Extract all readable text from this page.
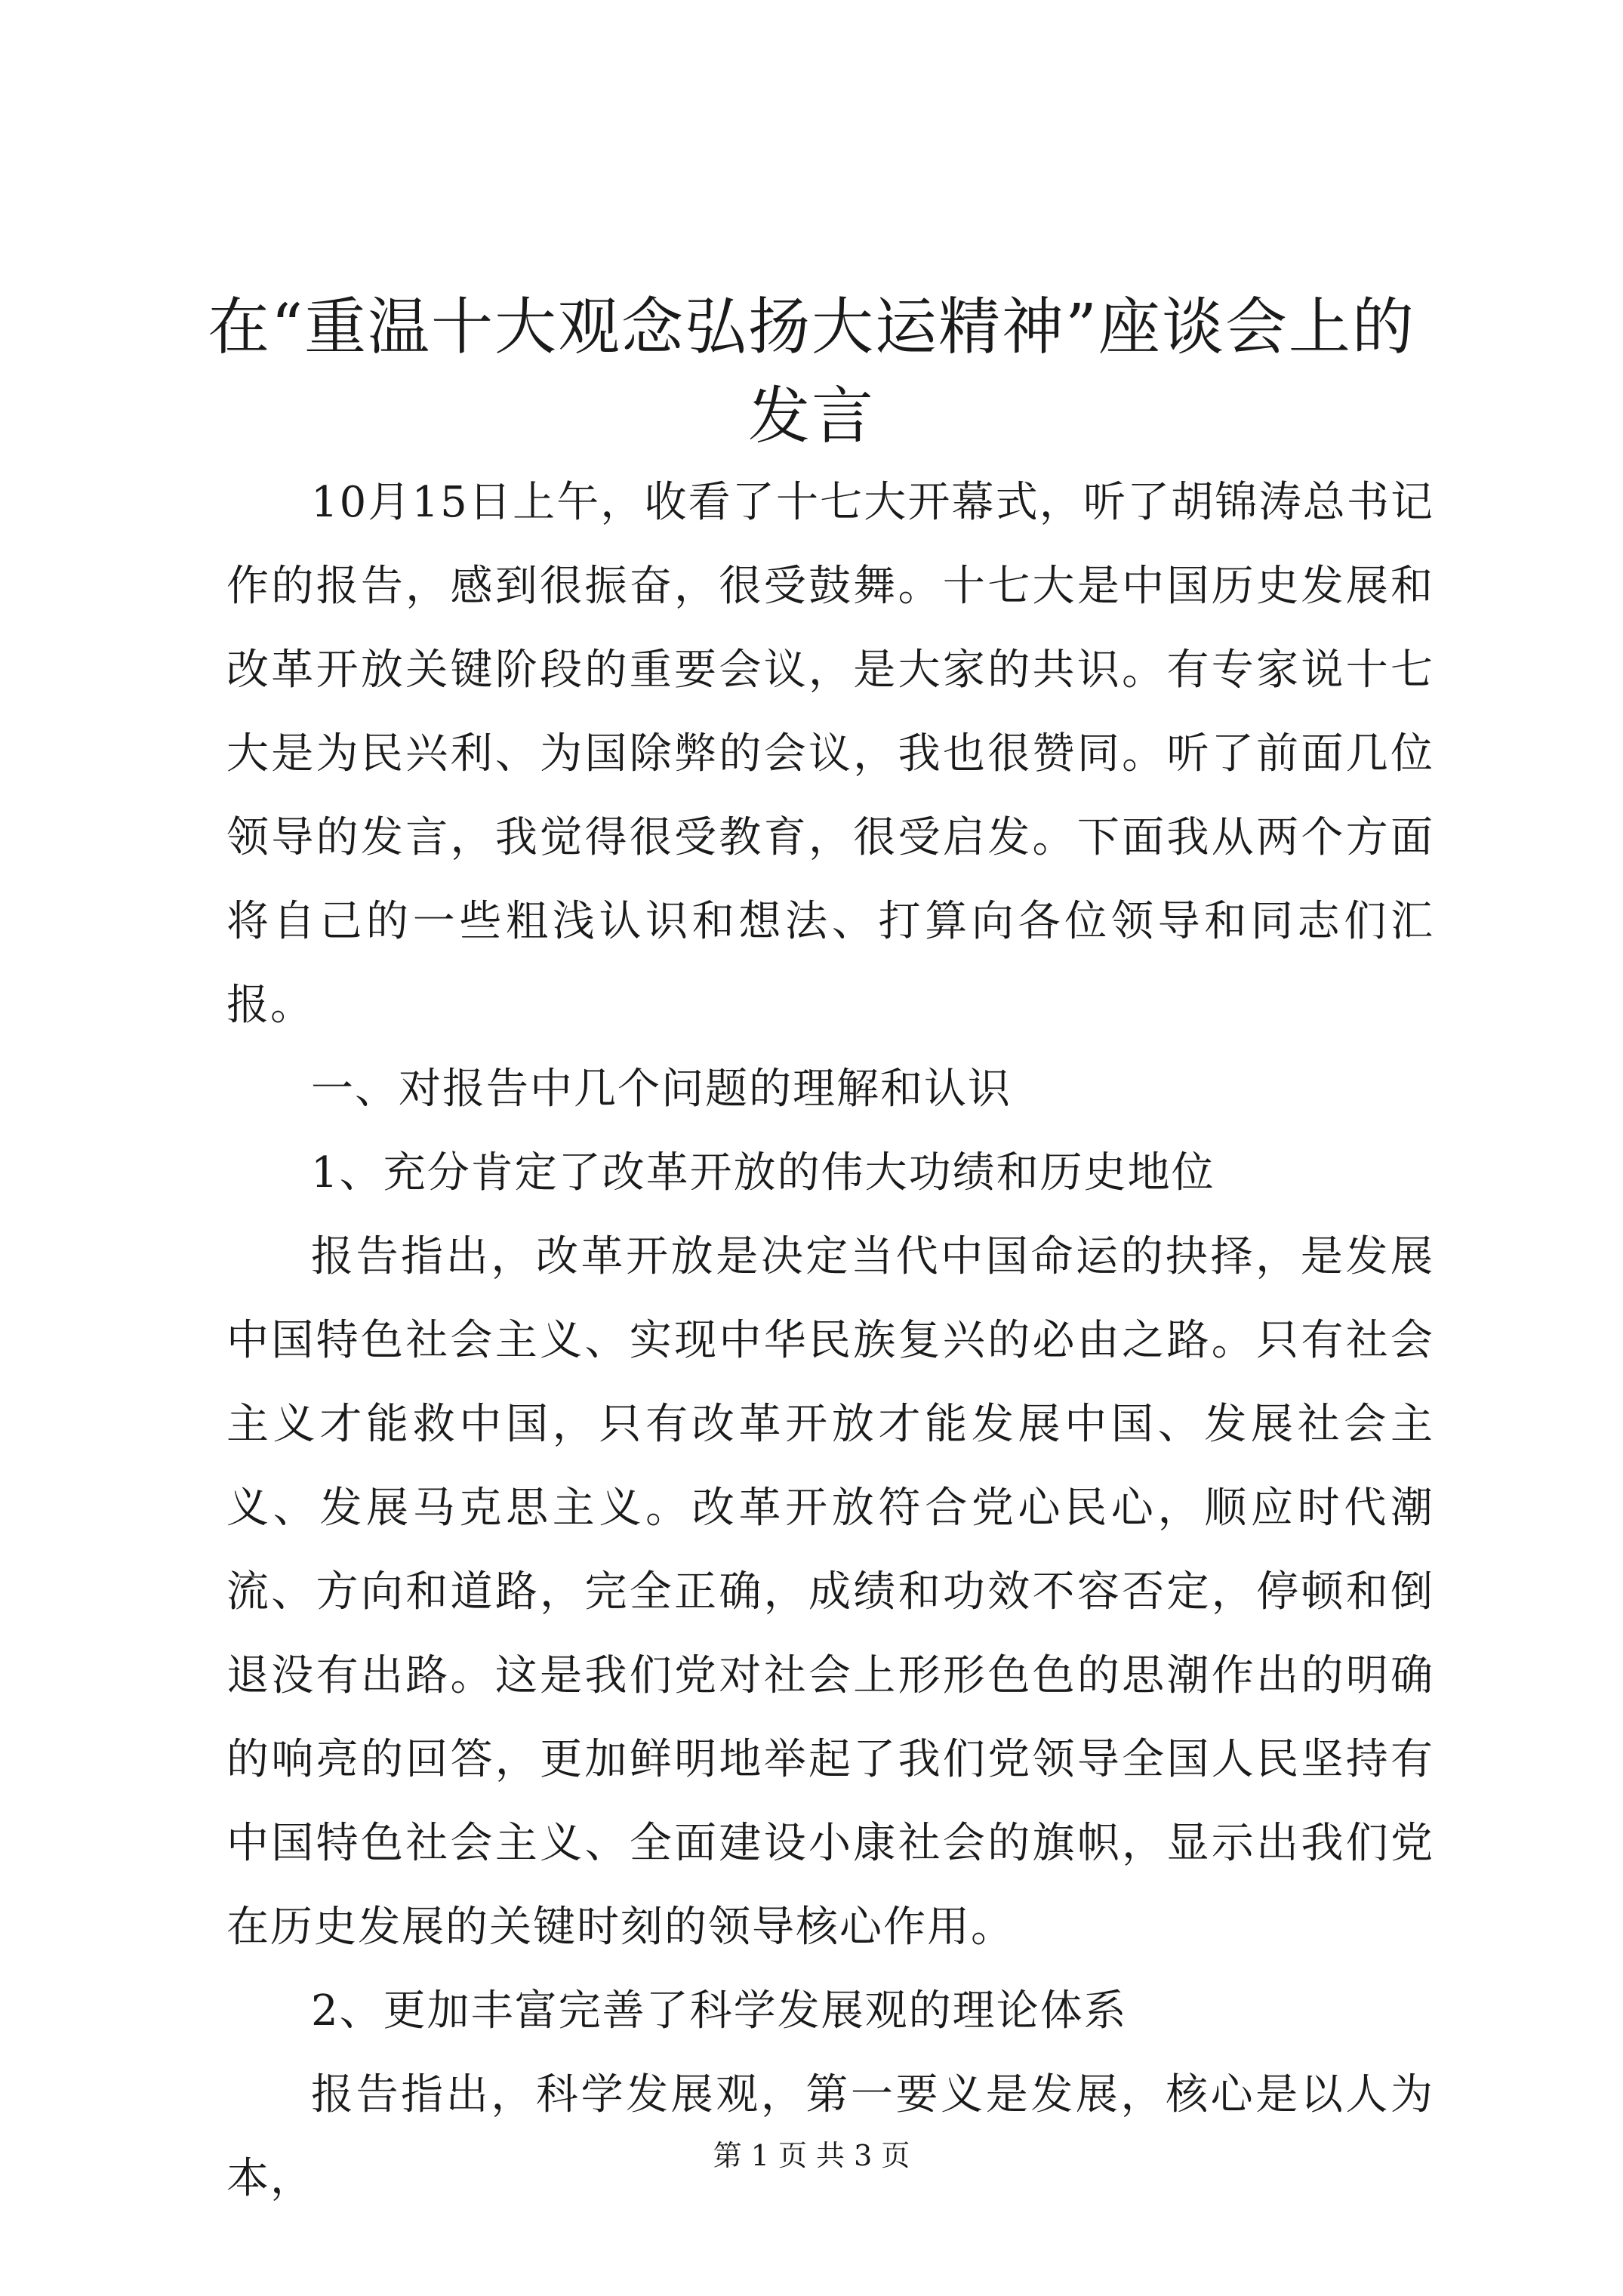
在“重温十大观念弘扬大运精神”座谈会上的发言

10月15日上午，收看了十七大开幕式，听了胡锦涛总书记作的报告，感到很振奋，很受鼓舞。十七大是中国历史发展和改革开放关键阶段的重要会议，是大家的共识。有专家说十七大是为民兴利、为国除弊的会议，我也很赞同。听了前面几位领导的发言，我觉得很受教育，很受启发。下面我从两个方面将自己的一些粗浅认识和想法、打算向各位领导和同志们汇报。

一、对报告中几个问题的理解和认识

1、充分肯定了改革开放的伟大功绩和历史地位

报告指出，改革开放是决定当代中国命运的抉择，是发展中国特色社会主义、实现中华民族复兴的必由之路。只有社会主义才能救中国，只有改革开放才能发展中国、发展社会主义、发展马克思主义。改革开放符合党心民心，顺应时代潮流、方向和道路，完全正确，成绩和功效不容否定，停顿和倒退没有出路。这是我们党对社会上形形色色的思潮作出的明确的响亮的回答，更加鲜明地举起了我们党领导全国人民坚持有中国特色社会主义、全面建设小康社会的旗帜，显示出我们党在历史发展的关键时刻的领导核心作用。

2、更加丰富完善了科学发展观的理论体系

报告指出，科学发展观，第一要义是发展，核心是以人为本，	第 1 页 共 3 页
